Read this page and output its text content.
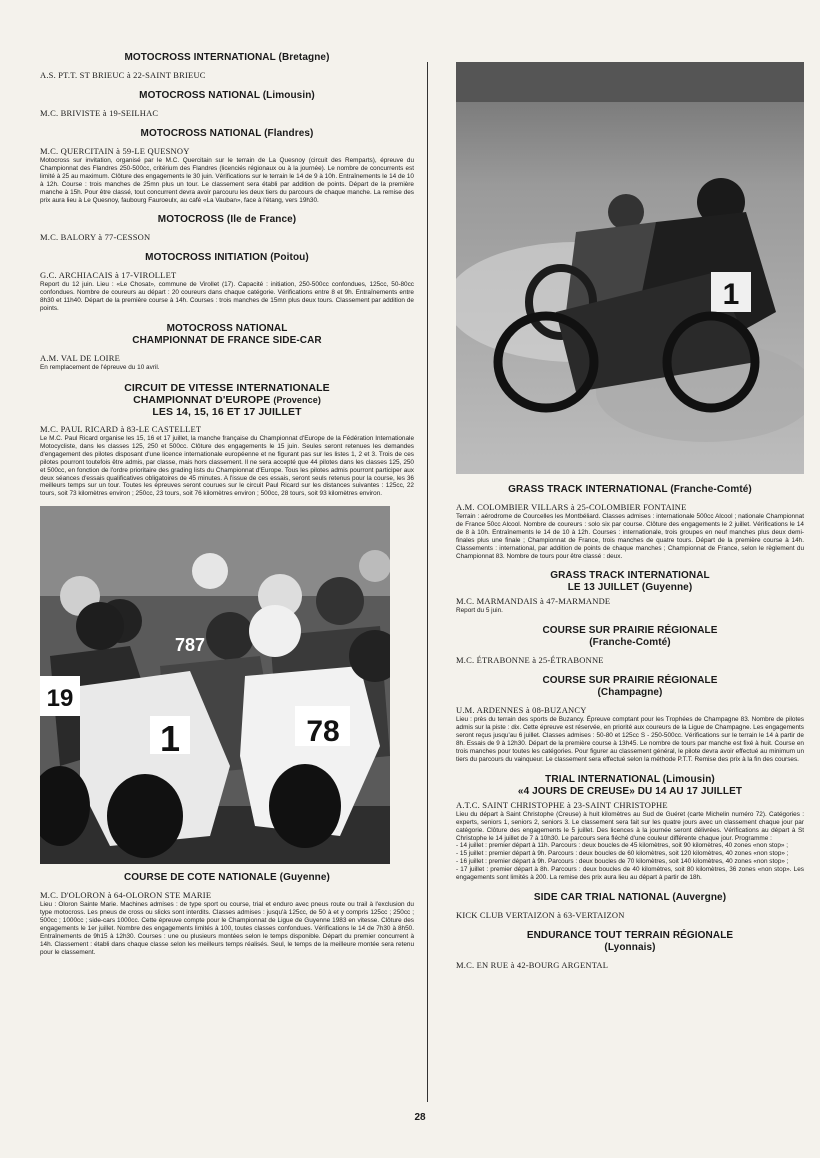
MOTOCROSS INTERNATIONAL (Bretagne)
A.S. PT.T. ST BRIEUC à 22-SAINT BRIEUC
MOTOCROSS NATIONAL (Limousin)
M.C. BRIVISTE à 19-SEILHAC
MOTOCROSS NATIONAL (Flandres)
M.C. QUERCITAIN à 59-LE QUESNOY

Motocross sur invitation, organisé par le M.C. Quercitain sur le terrain de La Quesnoy (circuit des Remparts), épreuve du Championnat des Flandres 250-500cc, critérium des Flandres (licenciés régionaux ou à la journée). Le nombre de concurrents est limité à 25 au maximum. Clôture des engagements le 30 juin. Vérifications sur le terrain le 14 de 9 à 10h. Entraînements le 14 de 10 à 12h. Course : trois manches de 25mn plus un tour. Le classement sera établi par addition de points. Départ de la première manche à 15h. Pour être classé, tout concurrent devra avoir parcouru les deux tiers du parcours de chaque manche. La remise des prix aura lieu à Le Quesnoy, faubourg Fauroeulx, au café «La Vauban», face à l'étang, vers 19h30.

MOTOCROSS (Ile de France)
M.C. BALORY à 77-CESSON
MOTOCROSS INITIATION (Poitou)
G.C. ARCHIACAIS à 17-VIROLLET

Report du 12 juin. Lieu : «Le Chosat», commune de Virollet (17). Capacité : initiation, 250-500cc confondues, 125cc, 50-80cc confondues. Nombre de coureurs au départ : 20 coureurs dans chaque catégorie. Vérifications entre 8 et 9h. Entraînements entre 8h30 et 11h40. Départ de la première course à 14h. Courses : trois manches de 15mn plus deux tours. Classement par addition de points.

MOTOCROSS NATIONAL
CHAMPIONNAT DE FRANCE SIDE-CAR
A.M. VAL DE LOIRE

En remplacement de l'épreuve du 10 avril.

CIRCUIT DE VITESSE INTERNATIONALE
CHAMPIONNAT D'EUROPE (Provence)
LES 14, 15, 16 ET 17 JUILLET
M.C. PAUL RICARD à 83-LE CASTELLET

Le M.C. Paul Ricard organise les 15, 16 et 17 juillet, la manche française du Championnat d'Europe de la Fédération Internationale Motocycliste, dans les classes 125, 250 et 500cc. Clôture des engagements le 15 juin. Seules seront retenues les demandes d'engagement des pilotes disposant d'une licence internationale européenne et ne figurant pas sur les listes 1, 2 et 3. Trois de ces pilotes pourront toutefois être admis, par classe, mais hors classement. Il ne sera accepté que 44 pilotes dans les classes 125, 250 et 500cc, en fonction de l'ordre prioritaire des grading lists du Championnat d'Europe. Tous les pilotes admis pourront participer aux deux séances d'essais qualificatives obligatoires de 45 minutes. A l'issue de ces essais, seront seuls retenus pour la course, les 36 meilleurs temps sur un tour. Toutes les épreuves seront courues sur le circuit Paul Ricard sur les distances suivantes : 125cc, 22 tours, soit 73 kilomètres environ ; 250cc, 23 tours, soit 76 kilomètres environ ; 500cc, 28 tours, soit 93 kilomètres environ.

1	78
19
787
COURSE DE COTE NATIONALE (Guyenne)
M.C. D'OLORON à 64-OLORON STE MARIE

Lieu : Oloron Sainte Marie. Machines admises : de type sport ou course, trial et enduro avec pneus route ou trail à l'exclusion du type motocross. Les pneus de cross ou slicks sont interdits. Classes admises : jusqu'à 125cc, de 50 à et y compris 125cc ; 250cc ; 500cc ; 1000cc ; side-cars 1000cc. Cette épreuve compte pour le Championnat de Ligue de Guyenne 1983 en vitesse. Clôture des engagements le 1er juillet. Nombre des engagements limités à 100, toutes classes confondues. Vérifications le 14 de 7h30 à 8h50. Entraînements de 9h15 à 12h30. Courses : une ou plusieurs montées selon le temps disponible. Départ du premier concurrent à 14h. Classement : établi dans chaque classe selon les meilleurs temps réalisés. Seul, le temps de la meilleure montée sera retenu pour le classement.

1
GRASS TRACK INTERNATIONAL (Franche-Comté)
A.M. COLOMBIER VILLARS à 25-COLOMBIER FONTAINE

Terrain : aérodrome de Courcelles les Montbéliard. Classes admises : internationale 500cc Alcool ; nationale Championnat de France 50cc Alcool. Nombre de coureurs : solo six par course. Clôture des engagements le 2 juillet. Vérifications le 14 de 8 à 10h. Entraînements le 14 de 10 à 12h. Courses : internationale, trois groupes en neuf manches plus deux demi-finales plus une finale ; Championnat de France, trois manches de quatre tours. Départ de la première course à 14h. Classements : international, par addition de points de chaque manches ; Championnat de France, selon le règlement du Championnat 83. Nombre de tours pour être classé : deux.

GRASS TRACK INTERNATIONAL
LE 13 JUILLET (Guyenne)
M.C. MARMANDAIS à 47-MARMANDE

Report du 5 juin.

COURSE SUR PRAIRIE RÉGIONALE
(Franche-Comté)
M.C. ÉTRABONNE à 25-ÉTRABONNE
COURSE SUR PRAIRIE RÉGIONALE
(Champagne)
U.M. ARDENNES à 08-BUZANCY

Lieu : près du terrain des sports de Buzancy. Épreuve comptant pour les Trophées de Champagne 83. Nombre de pilotes admis sur la piste : dix. Cette épreuve est réservée, en priorité aux coureurs de la Ligue de Champagne. Les engagements seront reçus jusqu'au 6 juillet. Classes admises : 50-80 et 125cc S - 250-500cc. Vérifications sur le terrain le 14 à partir de 8h. Essais de 9 à 12h30. Départ de la première course à 13h45. Le nombre de tours par manche est fixé à huit. Course en trois manches pour toutes les catégories. Pour figurer au classement général, le pilote devra avoir effectué au minimum un tiers du parcours du vainqueur. Le classement sera effectué selon la méthode P.T.T. Remise des prix à la fin des courses.

TRIAL INTERNATIONAL (Limousin)
«4 JOURS DE CREUSE» DU 14 AU 17 JUILLET
A.T.C. SAINT CHRISTOPHE à 23-SAINT CHRISTOPHE

Lieu du départ à Saint Christophe (Creuse) à huit kilomètres au Sud de Guéret (carte Michelin numéro 72). Catégories : experts, seniors 1, seniors 2, seniors 3. Le classement sera fait sur les quatre jours avec un classement chaque jour par catégorie. Clôture des engagements le 5 juillet. Des licences à la journée seront délivrées. Vérifications au départ à St Christophe le 14 juillet de 7 à 10h30. Le parcours sera fléché d'une couleur différente chaque jour. Programme :

- 14 juillet : premier départ à 11h. Parcours : deux boucles de 45 kilomètres, soit 90 kilomètres, 40 zones «non stop» ;

- 15 juillet : premier départ à 9h. Parcours : deux boucles de 60 kilomètres, soit 120 kilomètres, 40 zones «non stop» ;

- 16 juillet : premier départ à 9h. Parcours : deux boucles de 70 kilomètres, soit 140 kilomètres, 40 zones «non stop» ;

- 17 juillet : premier départ à 8h. Parcours : deux boucles de 40 kilomètres, soit 80 kilomètres, 36 zones «non stop». Les engagements sont limités à 200. La remise des prix aura lieu au départ à partir de 18h.

SIDE CAR TRIAL NATIONAL (Auvergne)
KICK CLUB VERTAIZON à 63-VERTAIZON
ENDURANCE TOUT TERRAIN RÉGIONALE
(Lyonnais)
M.C. EN RUE à 42-BOURG ARGENTAL
28
